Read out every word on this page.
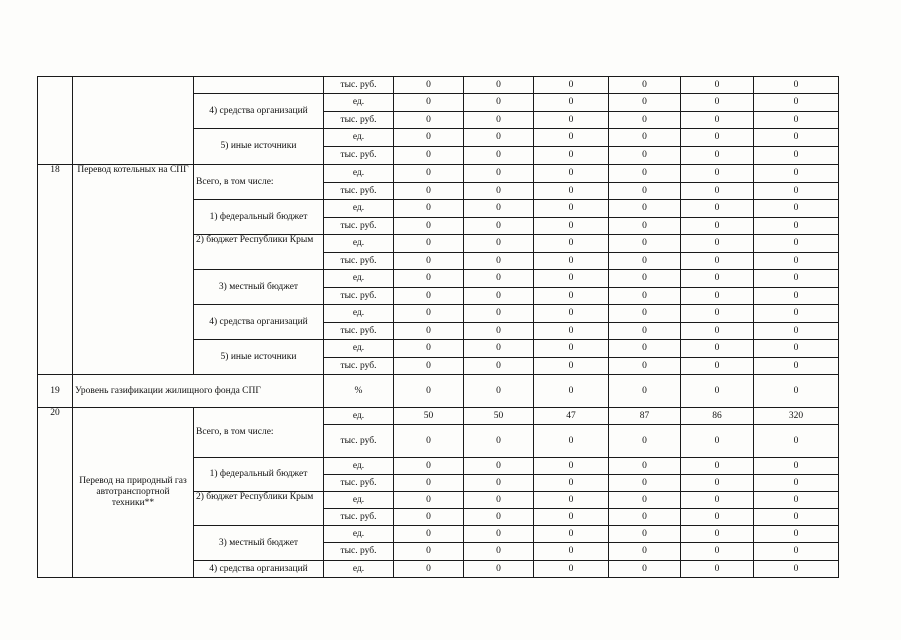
			тыс. руб.	0	0	0	0	0	0
		4) средства организаций	ед.	0	0	0	0	0	0
			тыс. руб.	0	0	0	0	0	0
		5) иные источники	ед.	0	0	0	0	0	0
			тыс. руб.	0	0	0	0	0	0
18	Перевод котельных на СПГ	Всего, в том числе:	ед.	0	0	0	0	0	0
			тыс. руб.	0	0	0	0	0	0
		1) федеральный бюджет	ед.	0	0	0	0	0	0
			тыс. руб.	0	0	0	0	0	0
		2) бюджет Республики Крым	ед.	0	0	0	0	0	0
			тыс. руб.	0	0	0	0	0	0
		3) местный бюджет	ед.	0	0	0	0	0	0
			тыс. руб.	0	0	0	0	0	0
		4) средства организаций	ед.	0	0	0	0	0	0
			тыс. руб.	0	0	0	0	0	0
		5) иные источники	ед.	0	0	0	0	0	0
			тыс. руб.	0	0	0	0	0	0
19	Уровень газификации жилищного фонда СПГ		%	0	0	0	0	0	0
20	Перевод на природный газ автотранспортной техники**	Всего, в том числе:	ед.	50	50	47	87	86	320
			тыс. руб.	0	0	0	0	0	0
		1) федеральный бюджет	ед.	0	0	0	0	0	0
			тыс. руб.	0	0	0	0	0	0
		2) бюджет Республики Крым	ед.	0	0	0	0	0	0
			тыс. руб.	0	0	0	0	0	0
		3) местный бюджет	ед.	0	0	0	0	0	0
			тыс. руб.	0	0	0	0	0	0
		4) средства организаций	ед.	0	0	0	0	0	0
